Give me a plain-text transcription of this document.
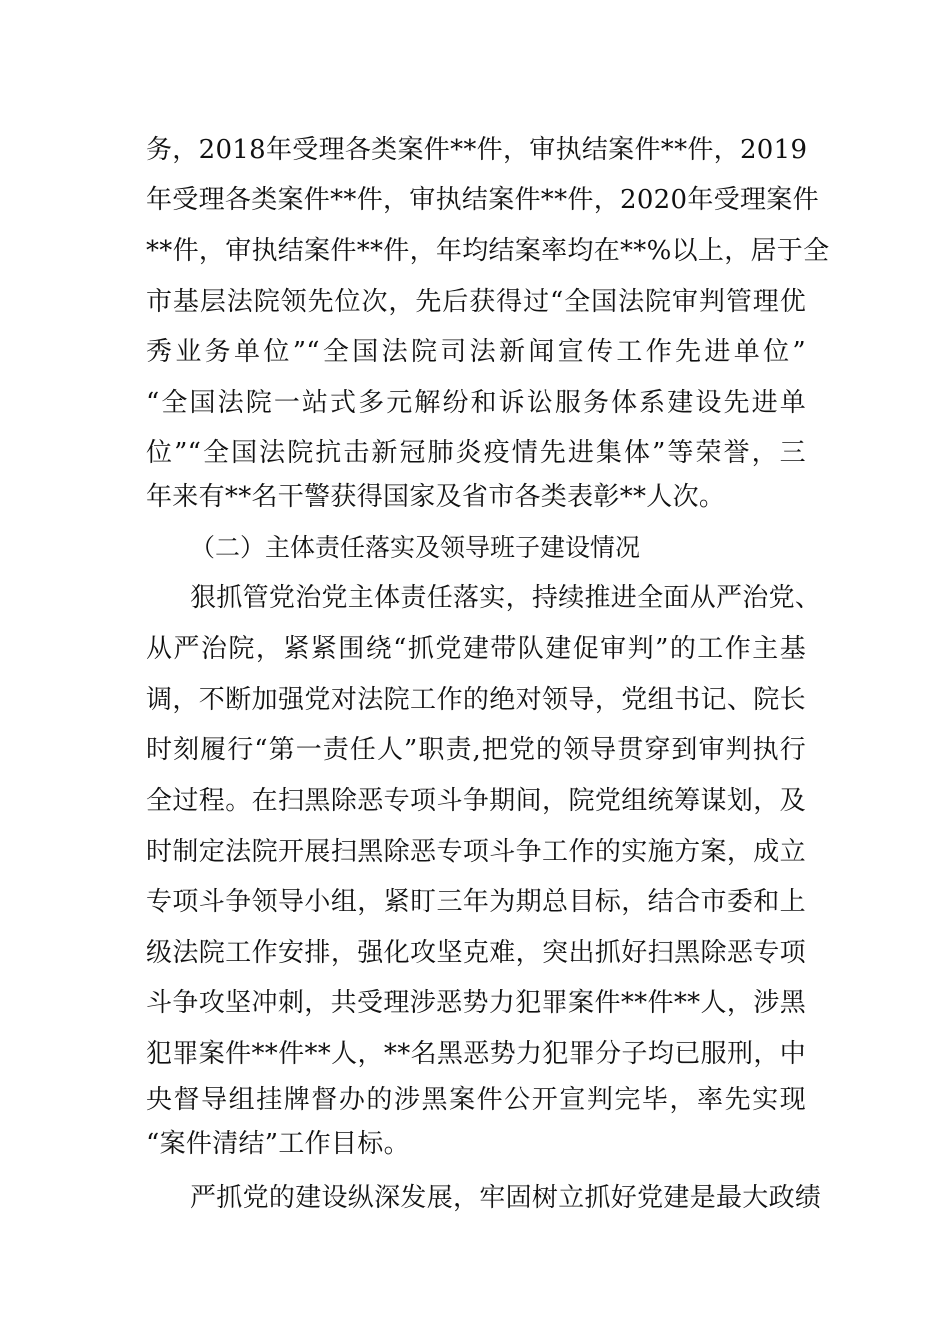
务，2018年受理各类案件**件，审执结案件**件，2019
年受理各类案件**件，审执结案件**件，2020年受理案件
**件，审执结案件**件，年均结案率均在**%以上，居于全
市基层法院领先位次，先后获得过“全国法院审判管理优
秀业务单位”“全国法院司法新闻宣传工作先进单位”
“全国法院一站式多元解纷和诉讼服务体系建设先进单
位”“全国法院抗击新冠肺炎疫情先进集体”等荣誉，三
年来有**名干警获得国家及省市各类表彰**人次。
（二）主体责任落实及领导班子建设情况
狠抓管党治党主体责任落实，持续推进全面从严治党、
从严治院，紧紧围绕“抓党建带队建促审判”的工作主基
调，不断加强党对法院工作的绝对领导，党组书记、院长
时刻履行“第一责任人”职责,把党的领导贯穿到审判执行
全过程。在扫黑除恶专项斗争期间，院党组统筹谋划，及
时制定法院开展扫黑除恶专项斗争工作的实施方案，成立
专项斗争领导小组，紧盯三年为期总目标，结合市委和上
级法院工作安排，强化攻坚克难，突出抓好扫黑除恶专项
斗争攻坚冲刺，共受理涉恶势力犯罪案件**件**人，涉黑
犯罪案件**件**人，**名黑恶势力犯罪分子均已服刑，中
央督导组挂牌督办的涉黑案件公开宣判完毕，率先实现
“案件清结”工作目标。
严抓党的建设纵深发展，牢固树立抓好党建是最大政绩
